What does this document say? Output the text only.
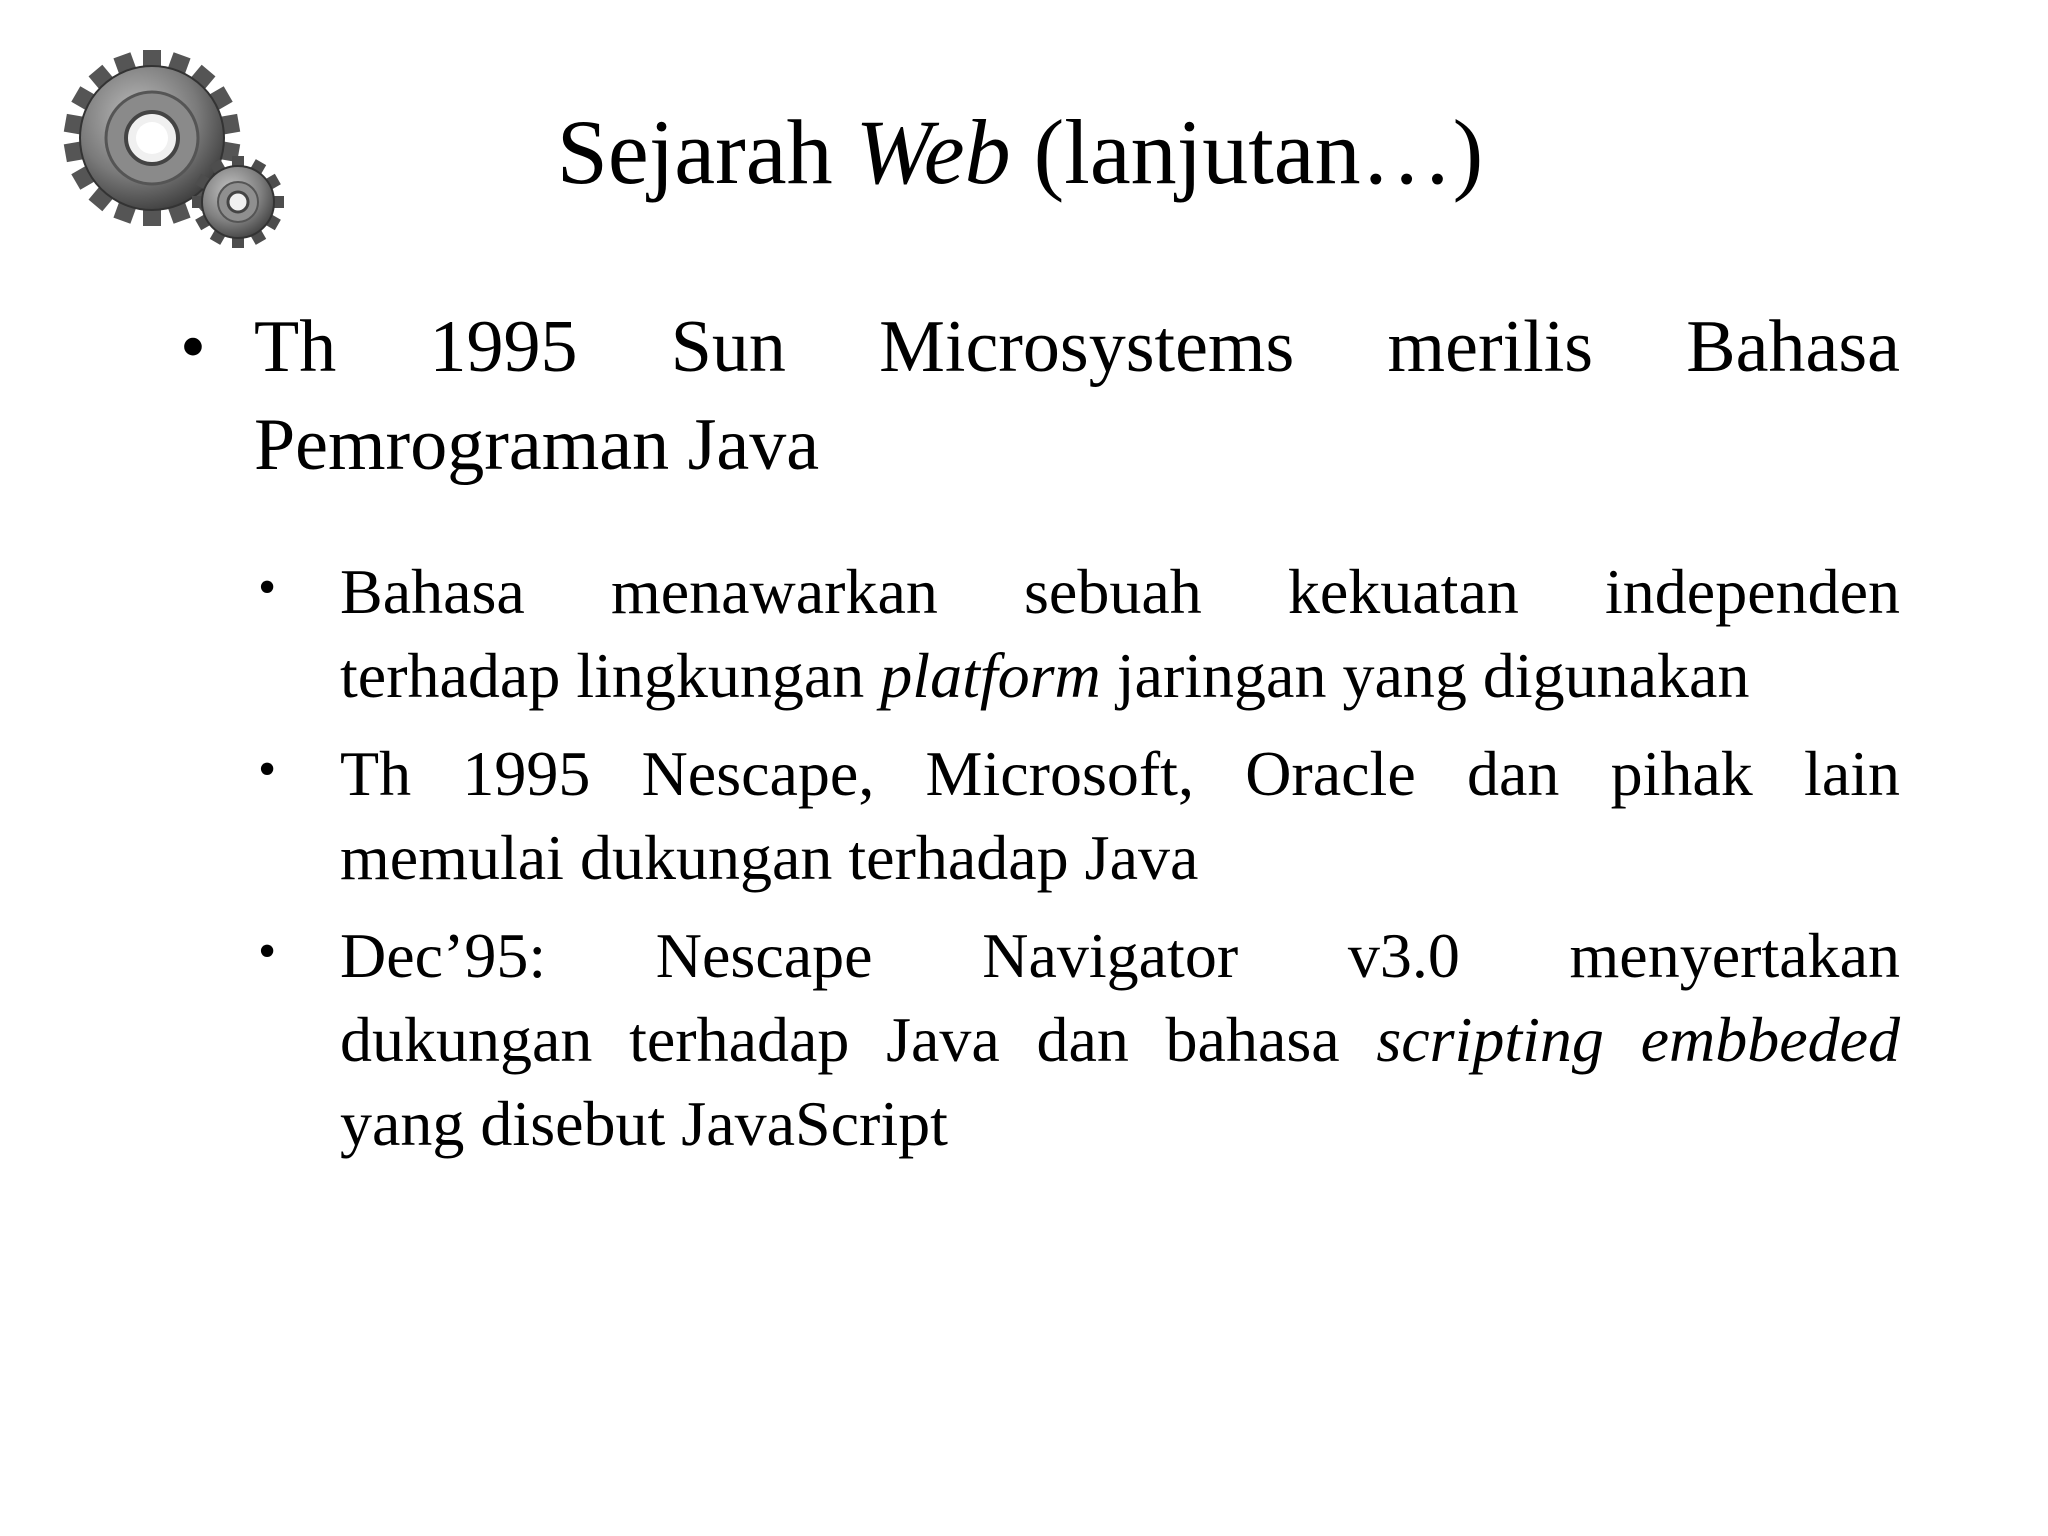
Sejarah Web (lanjutan…)
• Th 1995 Sun Microsystems merilis Bahasa
Pemrograman Java
• Bahasa menawarkan sebuah kekuatan independen
terhadap lingkungan platform jaringan yang digunakan
• Th 1995 Nescape, Microsoft, Oracle dan pihak lain
memulai dukungan terhadap Java
• Dec’95: Nescape Navigator v3.0 menyertakan
dukungan terhadap Java dan bahasa scripting embbeded
yang disebut JavaScript
